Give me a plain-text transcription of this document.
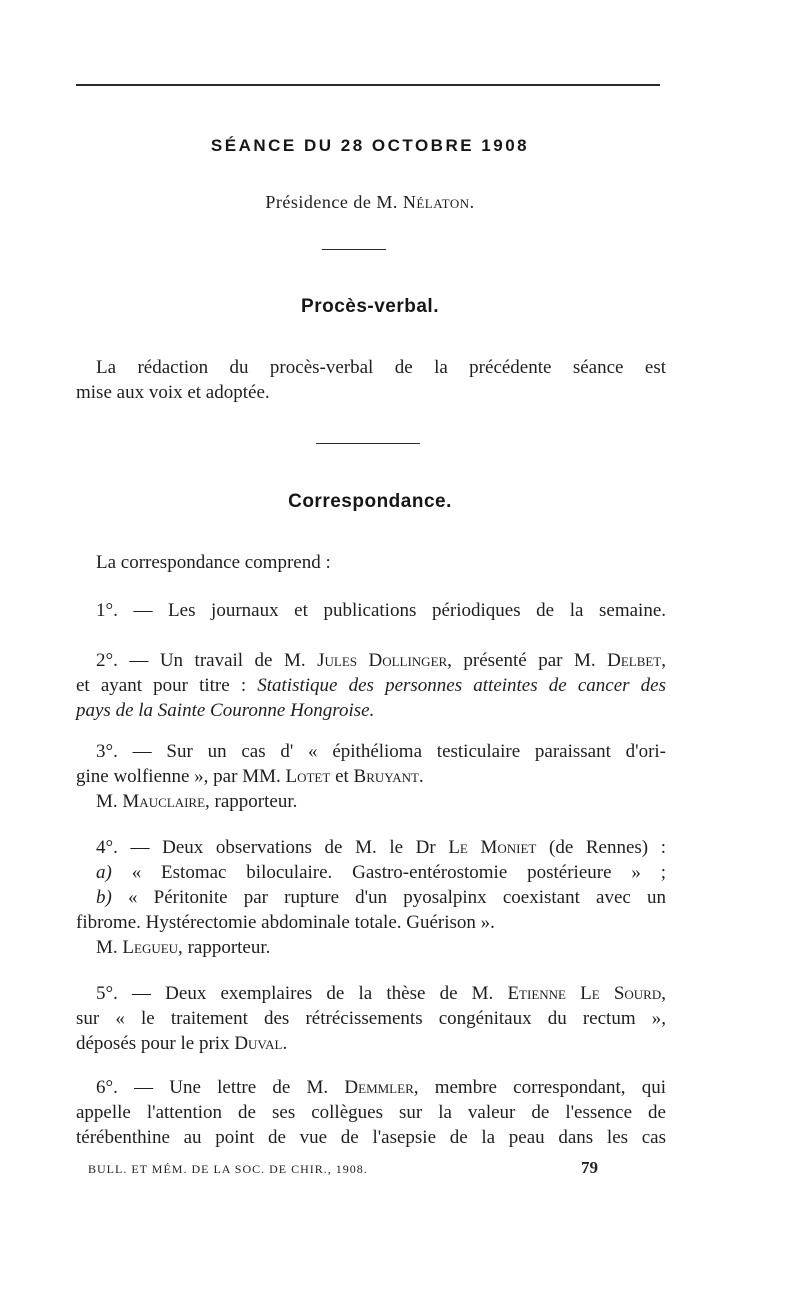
SÉANCE DU 28 OCTOBRE 1908
Présidence de M. Nélaton.
Procès-verbal.

La rédaction du procès-verbal de la précédente séance est
mise aux voix et adoptée.

Correspondance.

La correspondance comprend :

1°. — Les journaux et publications périodiques de la semaine.

2°. — Un travail de M. Jules Dollinger, présenté par M. Delbet,
et ayant pour titre : Statistique des personnes atteintes de cancer des
pays de la Sainte Couronne Hongroise.

3°. — Sur un cas d' « épithélioma testiculaire paraissant d'ori-
gine wolfienne », par MM. Lotet et Bruyant.
M. Mauclaire, rapporteur.

4°. — Deux observations de M. le Dr Le Moniet (de Rennes) :
a) « Estomac biloculaire. Gastro-entérostomie postérieure » ;
b) « Péritonite par rupture d'un pyosalpinx coexistant avec un
fibrome. Hystérectomie abdominale totale. Guérison ».
M. Legueu, rapporteur.

5°. — Deux exemplaires de la thèse de M. Etienne Le Sourd,
sur « le traitement des rétrécissements congénitaux du rectum »,
déposés pour le prix Duval.

6°. — Une lettre de M. Demmler, membre correspondant, qui
appelle l'attention de ses collègues sur la valeur de l'essence de
térébenthine au point de vue de l'asepsie de la peau dans les cas

BULL. ET MÉM. DE LA SOC. DE CHIR., 1908.	79
